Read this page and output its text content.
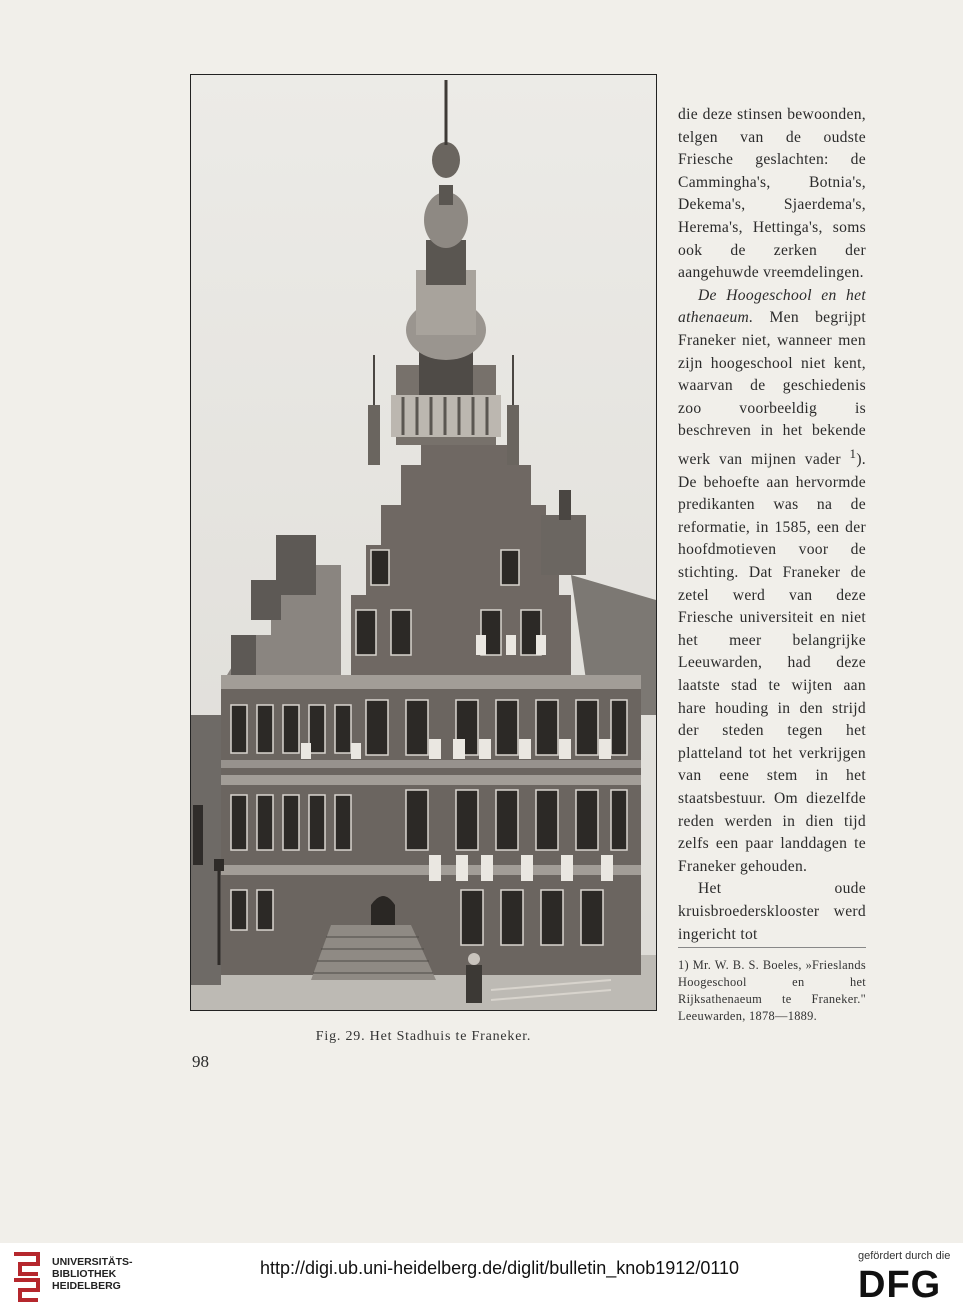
Fig. 29. Het Stadhuis te Franeker.
98

die deze stinsen bewoonden, telgen van de oudste Friesche geslachten: de Cammingha's, Botnia's, Dekema's, Sjaerdema's, Herema's, Hettinga's, soms ook de zerken der aangehuwde vreemdelingen.

De Hoogeschool en het athenaeum. Men begrijpt Franeker niet, wanneer men zijn hoogeschool niet kent, waarvan de geschiedenis zoo voorbeeldig is beschreven in het bekende werk van mijnen vader $^1$). De behoefte aan hervormde predikanten was na de reformatie, in 1585, een der hoofdmotieven voor de stichting. Dat Franeker de zetel werd van deze Friesche universiteit en niet het meer belangrijke Leeuwarden, had deze laatste stad te wijten aan hare houding in den strijd der steden tegen het platteland tot het verkrijgen van eene stem in het staatsbestuur. Om diezelfde reden werden in dien tijd zelfs een paar landdagen te Franeker gehouden.

Het oude kruisbroedersklooster werd ingericht tot

1) Mr. W. B. S. Boeles, »Frieslands Hoogeschool en het Rijksathenaeum te Franeker." Leeuwarden, 1878—1889.
UNIVERSITÄTS-
BIBLIOTHEK
HEIDELBERG
http://digi.ub.uni-heidelberg.de/diglit/bulletin_knob1912/0110
gefördert durch die
DFG
